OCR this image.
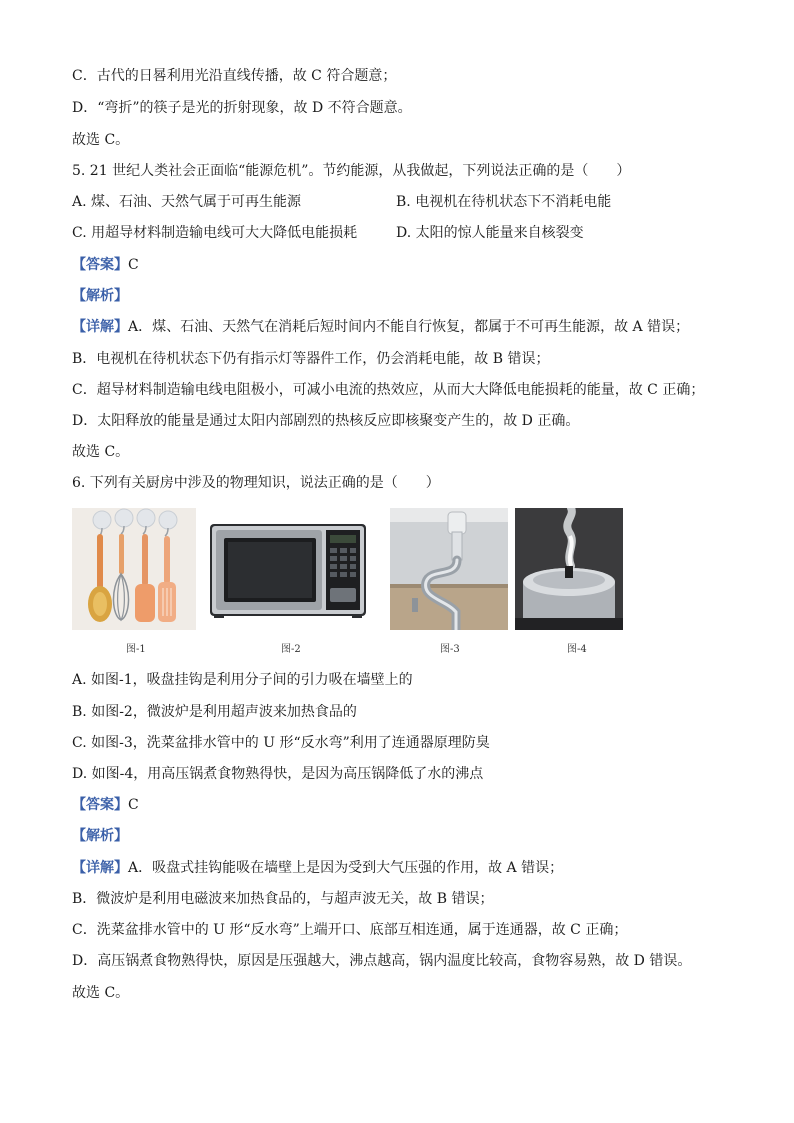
C．古代的日晷利用光沿直线传播，故 C 符合题意；
D．“弯折”的筷子是光的折射现象，故 D 不符合题意。
故选 C。
5. 21 世纪人类社会正面临“能源危机”。节约能源，从我做起，下列说法正确的是（　　）
A. 煤、石油、天然气属于可再生能源	B. 电视机在待机状态下不消耗电能
C. 用超导材料制造输电线可大大降低电能损耗	D. 太阳的惊人能量来自核裂变
【答案】C
【解析】
【详解】A．煤、石油、天然气在消耗后短时间内不能自行恢复，都属于不可再生能源，故 A 错误；
B．电视机在待机状态下仍有指示灯等器件工作，仍会消耗电能，故 B 错误；
C．超导材料制造输电线电阻极小，可减小电流的热效应，从而大大降低电能损耗的能量，故 C 正确；
D．太阳释放的能量是通过太阳内部剧烈的热核反应即核聚变产生的，故 D 正确。
故选 C。
6. 下列有关厨房中涉及的物理知识，说法正确的是（　　）
图-1	图-2	图-3	图-4
A. 如图-1，吸盘挂钩是利用分子间的引力吸在墙壁上的
B. 如图-2，微波炉是利用超声波来加热食品的
C. 如图-3，洗菜盆排水管中的 U 形“反水弯”利用了连通器原理防臭
D. 如图-4，用高压锅煮食物熟得快，是因为高压锅降低了水的沸点
【答案】C
【解析】
【详解】A．吸盘式挂钩能吸在墙壁上是因为受到大气压强的作用，故 A 错误；
B．微波炉是利用电磁波来加热食品的，与超声波无关，故 B 错误；
C．洗菜盆排水管中的 U 形“反水弯”上端开口、底部互相连通，属于连通器，故 C 正确；
D．高压锅煮食物熟得快，原因是压强越大，沸点越高，锅内温度比较高，食物容易熟，故 D 错误。
故选 C。
